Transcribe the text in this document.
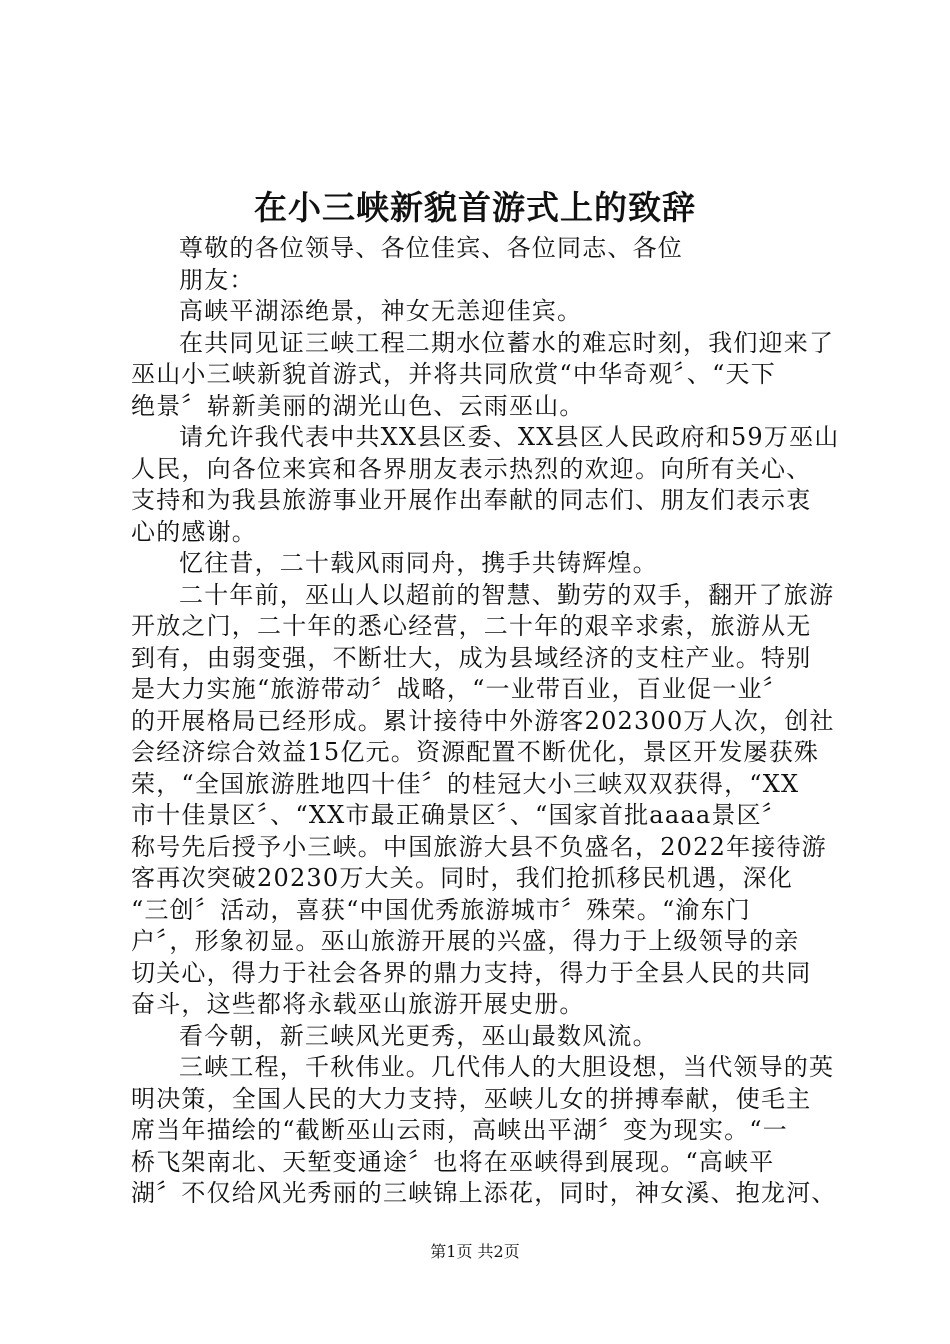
在小三峡新貌首游式上的致辞
尊敬的各位领导、各位佳宾、各位同志、各位
朋友：
高峡平湖添绝景，神女无恙迎佳宾。
在共同见证三峡工程二期水位蓄水的难忘时刻，我们迎来了
巫山小三峡新貌首游式，并将共同欣赏“中华奇观〞、“天下
绝景〞崭新美丽的湖光山色、云雨巫山。
请允许我代表中共XX县区委、XX县区人民政府和59万巫山
人民，向各位来宾和各界朋友表示热烈的欢迎。向所有关心、
支持和为我县旅游事业开展作出奉献的同志们、朋友们表示衷
心的感谢。
忆往昔，二十载风雨同舟，携手共铸辉煌。
二十年前，巫山人以超前的智慧、勤劳的双手，翻开了旅游
开放之门，二十年的悉心经营，二十年的艰辛求索，旅游从无
到有，由弱变强，不断壮大，成为县域经济的支柱产业。特别
是大力实施“旅游带动〞战略，“一业带百业，百业促一业〞
的开展格局已经形成。累计接待中外游客202300万人次，创社
会经济综合效益15亿元。资源配置不断优化，景区开发屡获殊
荣，“全国旅游胜地四十佳〞的桂冠大小三峡双双获得，“XX
市十佳景区〞、“XX市最正确景区〞、“国家首批aaaa景区〞
称号先后授予小三峡。中国旅游大县不负盛名，2022年接待游
客再次突破20230万大关。同时，我们抢抓移民机遇，深化
“三创〞活动，喜获“中国优秀旅游城市〞殊荣。“渝东门
户〞，形象初显。巫山旅游开展的兴盛，得力于上级领导的亲
切关心，得力于社会各界的鼎力支持，得力于全县人民的共同
奋斗，这些都将永载巫山旅游开展史册。
看今朝，新三峡风光更秀，巫山最数风流。
三峡工程，千秋伟业。几代伟人的大胆设想，当代领导的英
明决策，全国人民的大力支持，巫峡儿女的拼搏奉献，使毛主
席当年描绘的“截断巫山云雨，高峡出平湖〞变为现实。“一
桥飞架南北、天堑变通途〞也将在巫峡得到展现。“高峡平
湖〞不仅给风光秀丽的三峡锦上添花，同时，神女溪、抱龙河、
第1页 共2页
